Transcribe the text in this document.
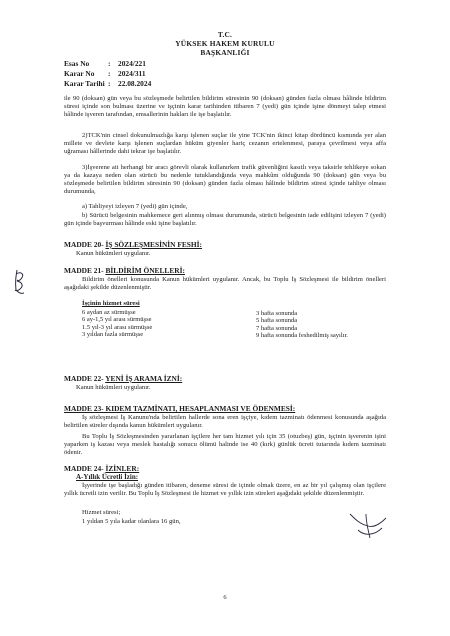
T.C.
YÜKSEK HAKEM KURULU
BAŞKANLIĞI
Esas No	: 2024/221
Karar No : 2024/311
Karar Tarihi : 22.08.2024

ile 90 (doksan) gün veya bu sözleşmede belirtilen bildirim süresinin 90 (doksan) günden fazla olması hâlinde bildirim süresi içinde son bulması üzerine ve işçinin karar tarihinden itibaren 7 (yedi) gün içinde işine dönmeyi talep etmesi hâlinde işveren tarafından, emsallerinin hakları ile işe başlatılır.

2)TCK'nin cinsel dokunulmazlığa karşı işlenen suçlar ile yine TCK'nin ikinci kitap dördüncü kısmında yer alan millete ve devlete karşı işlenen suçlardan hüküm giyenler hariç cezanın ertelenmesi, paraya çevrilmesi veya affa uğraması hâllerinde dahi tekrar işe başlatılır.

3)İşverene ait herhangi bir aracı görevli olarak kullanırken trafik güvenliğini kasıtlı veya taksirle tehlikeye sokan ya da kazaya neden olan sürücü bu nedenle tutuklandığında veya mahkûm olduğunda 90 (doksan) gün veya bu sözleşmede belirtilen bildirim süresinin 90 (doksan) günden fazla olması hâlinde bildirim süresi içinde tahliye olması durumunda,

a) Tahliyeyi izleyen 7 (yedi) gün içinde,

b) Sürücü belgesinin mahkemece geri alınmış olması durumunda, sürücü belgesinin iade edilişini izleyen 7 (yedi) gün içinde başvurması hâlinde eski işine başlatılır.

MADDE 20- İŞ SÖZLEŞMESİNİN FESHİ:
Kanun hükümleri uygulanır.
MADDE 21- BİLDİRİM ÖNELLERİ:

Bildirim önelleri konusunda Kanun hükümleri uygulanır. Ancak, bu Toplu İş Sözleşmesi ile bildirim önelleri aşağıdaki şekilde düzenlenmiştir.

İşçinin hizmet süresi
6 aydan az sürmüşse
6 ay-1,5 yıl arası sürmüşse
1.5 yıl-3 yıl arası sürmüşse
3 yıldan fazla sürmüşse
3 hafta sonunda
5 hafta sonunda
7 hafta sonunda
9 hafta sonunda feshedilmiş sayılır.
MADDE 22- YENİ İŞ ARAMA İZNİ:
Kanun hükümleri uygulanır.
MADDE 23- KIDEM TAZMİNATI, HESAPLANMASI VE ÖDENMESİ:

İş sözleşmesi İş Kanunu'nda belirtilen hallerde sona eren işçiye, kıdem tazminatı ödenmesi konusunda aşağıda belirtilen süreler dışında kanun hükümleri uygulanır.

Bu Toplu İş Sözleşmesinden yararlanan işçilere her tam hizmet yılı için 35 (otuzbeş) gün, işçinin işverenin işini yaparken iş kazası veya meslek hastalığı sonucu ölümü halinde ise 40 (kırk) günlük ücreti tutarında kıdem tazminatı ödenir.

MADDE 24- İZİNLER:
A-Yıllık Ücretli İzin:

İşyerinde işe başladığı günden itibaren, deneme süresi de içinde olmak üzere, en az bir yıl çalışmış olan işçilere yıllık ücretli izin verilir. Bu Toplu İş Sözleşmesi ile hizmet ve yıllık izin süreleri aşağıdaki şekilde düzenlenmiştir.

Hizmet süresi;
1 yıldan 5 yıla kadar olanlara 16 gün,
6
